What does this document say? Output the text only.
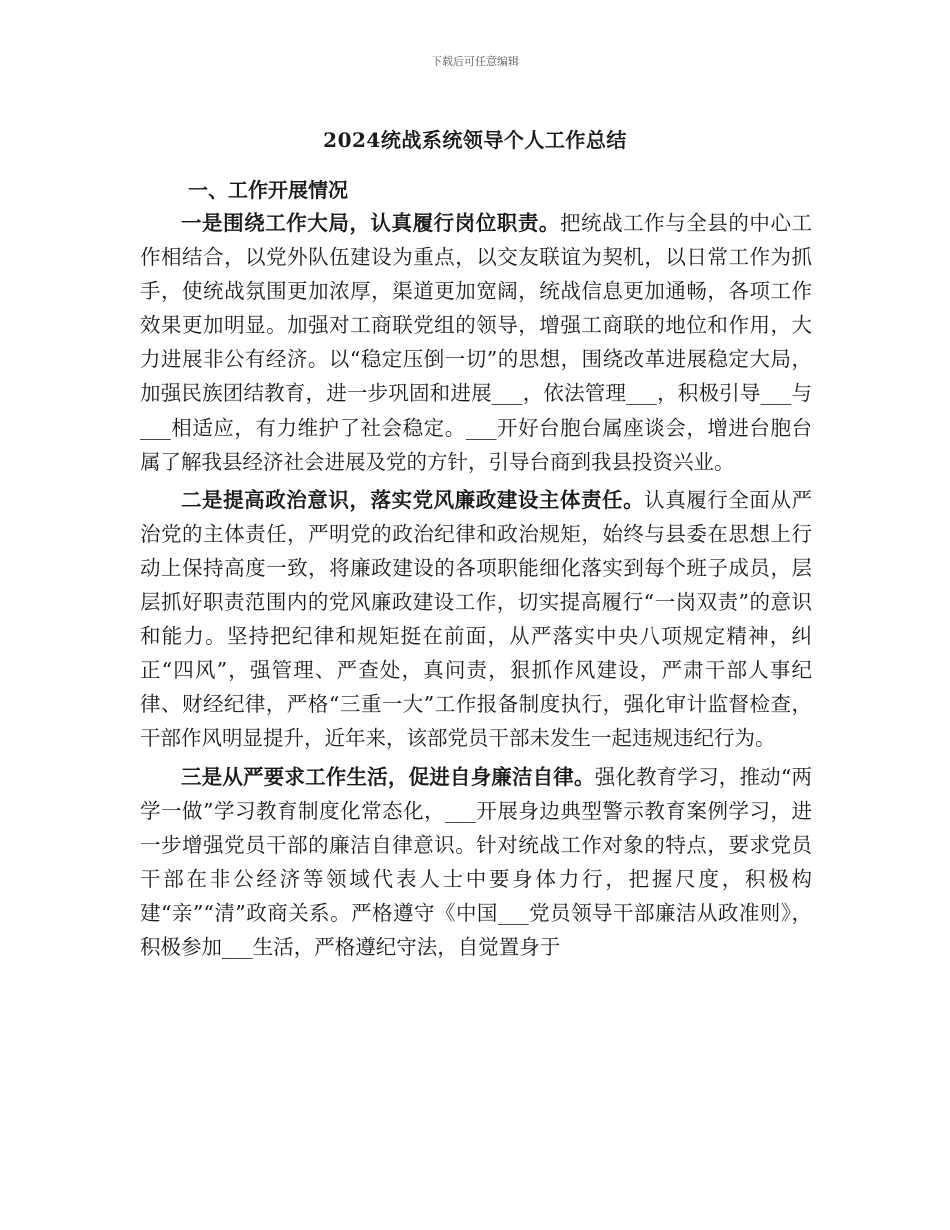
下载后可任意编辑
2024统战系统领导个人工作总结
一、工作开展情况

一是围绕工作大局，认真履行岗位职责。把统战工作与全县的中心工作相结合，以党外队伍建设为重点，以交友联谊为契机，以日常工作为抓手，使统战氛围更加浓厚，渠道更加宽阔，统战信息更加通畅，各项工作效果更加明显。加强对工商联党组的领导，增强工商联的地位和作用，大力进展非公有经济。以“稳定压倒一切”的思想，围绕改革进展稳定大局，加强民族团结教育，进一步巩固和进展___，依法管理___，积极引导___与___相适应，有力维护了社会稳定。___开好台胞台属座谈会，增进台胞台属了解我县经济社会进展及党的方针，引导台商到我县投资兴业。

二是提高政治意识，落实党风廉政建设主体责任。认真履行全面从严治党的主体责任，严明党的政治纪律和政治规矩，始终与县委在思想上行动上保持高度一致，将廉政建设的各项职能细化落实到每个班子成员，层层抓好职责范围内的党风廉政建设工作，切实提高履行“一岗双责”的意识和能力。坚持把纪律和规矩挺在前面，从严落实中央八项规定精神，纠正“四风”，强管理、严查处，真问责，狠抓作风建设，严肃干部人事纪律、财经纪律，严格“三重一大”工作报备制度执行，强化审计监督检查，干部作风明显提升，近年来，该部党员干部未发生一起违规违纪行为。

三是从严要求工作生活，促进自身廉洁自律。强化教育学习，推动“两学一做”学习教育制度化常态化，___开展身边典型警示教育案例学习，进一步增强党员干部的廉洁自律意识。针对统战工作对象的特点，要求党员干部在非公经济等领域代表人士中要身体力行，把握尺度，积极构建“亲”“清”政商关系。严格遵守《中国___党员领导干部廉洁从政准则》，积极参加___生活，严格遵纪守法，自觉置身于
